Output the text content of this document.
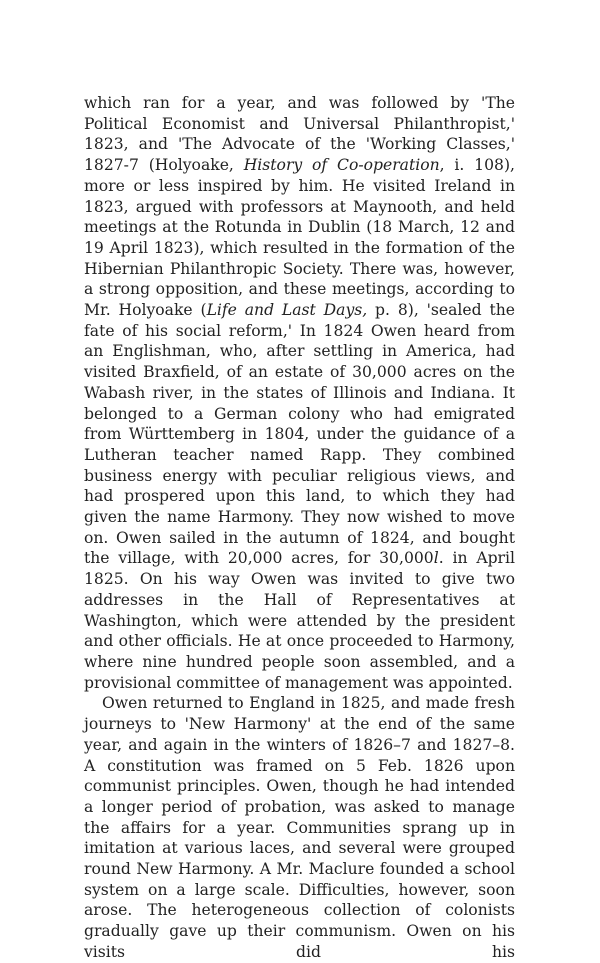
which ran for a year, and was followed by 'The Political Economist and Universal Philanthropist,' 1823, and 'The Advocate of the 'Working Classes,' 1827-7 (Holyoake, History of Co-operation, i. 108), more or less inspired by him. He visited Ireland in 1823, argued with professors at Maynooth, and held meetings at the Rotunda in Dublin (18 March, 12 and 19 April 1823), which resulted in the formation of the Hibernian Philanthropic Society. There was, however, a strong opposition, and these meetings, according to Mr. Holyoake (Life and Last Days, p. 8), 'sealed the fate of his social reform,' In 1824 Owen heard from an Englishman, who, after settling in America, had visited Braxfield, of an estate of 30,000 acres on the Wabash river, in the states of Illinois and Indiana. It belonged to a German colony who had emigrated from Württemberg in 1804, under the guidance of a Lutheran teacher named Rapp. They combined business energy with peculiar religious views, and had prospered upon this land, to which they had given the name Harmony. They now wished to move on. Owen sailed in the autumn of 1824, and bought the village, with 20,000 acres, for 30,000l. in April 1825. On his way Owen was invited to give two addresses in the Hall of Representatives at Washington, which were attended by the president and other officials. He at once proceeded to Harmony, where nine hundred people soon assembled, and a provisional committee of management was appointed.

Owen returned to England in 1825, and made fresh journeys to 'New Harmony' at the end of the same year, and again in the winters of 1826–7 and 1827–8. A constitution was framed on 5 Feb. 1826 upon communist principles. Owen, though he had intended a longer period of probation, was asked to manage the affairs for a year. Communities sprang up in imitation at various laces, and several were grouped round New Harmony. A Mr. Maclure founded a school system on a large scale. Difficulties, however, soon arose. The heterogeneous collection of colonists gradually gave up their communism. Owen on his visits did his
